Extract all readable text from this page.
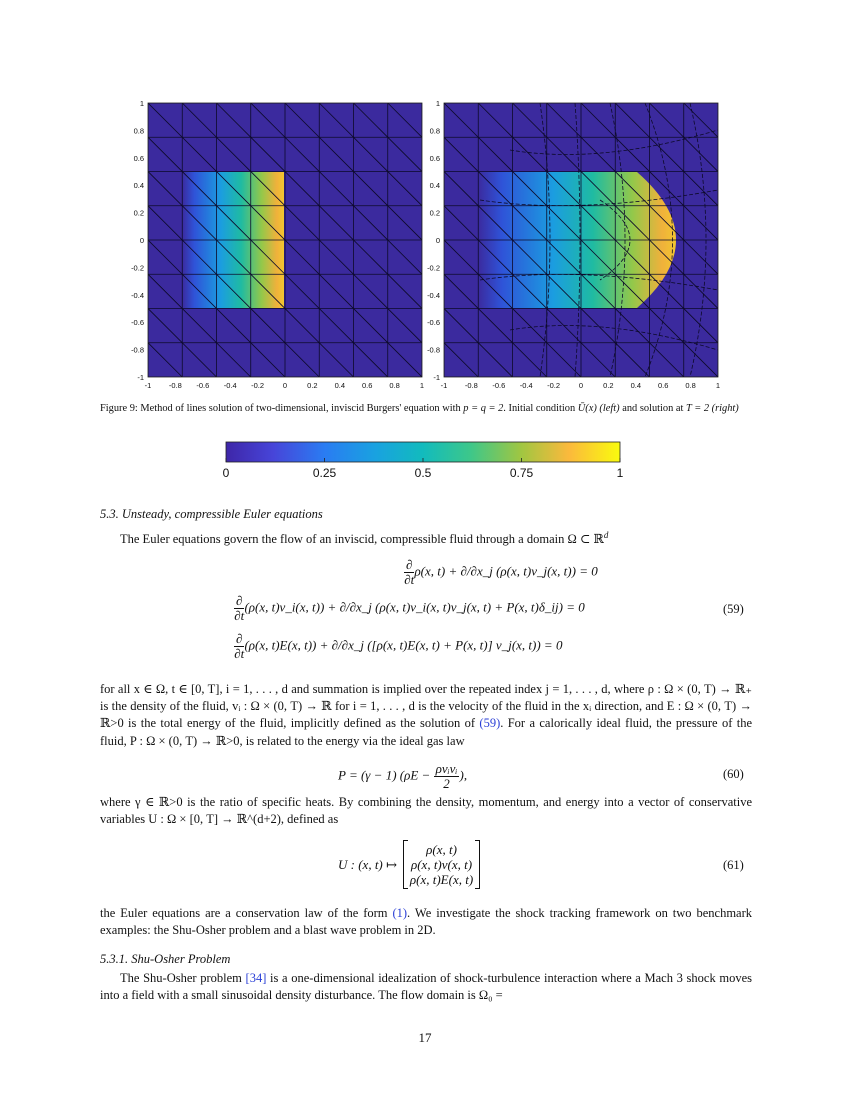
1
0.8
0.6
0.4
0.2
0
-0.2
-0.4
-0.6
-0.8
-1
-1 -0.8 -0.6 -0.4 -0.2	0	0.2 0.4 0.6 0.8	1
1
0.8
0.6
0.4
0.2
0
-0.2
-0.4
-0.6
-0.8
-1
-1 -0.8 -0.6 -0.4 -0.2	0	0.2 0.4 0.6 0.8	1
Figure 9: Method of lines solution of two-dimensional, inviscid Burgers' equation with p = q = 2. Initial condition Ū(x) (left) and solution at T = 2 (right)
0	0.25	0.5	0.75	1
5.3. Unsteady, compressible Euler equations
The Euler equations govern the flow of an inviscid, compressible fluid through a domain Ω ⊂ ℝ$^d$
$\frac{\partial}{\partial t} \rho(x$, t) + ∂/∂x_j (ρ(x, t)v_j(x, t)) = 0
$\frac{\partial}{\partial t} (\rho(x$, t)v_i(x, t)) + ∂/∂x_j (ρ(x, t)v_i(x, t)v_j(x, t) + P(x, t)δ_ij) = 0
$\frac{\partial}{\partial t} (\rho(x$, t)E(x, t)) + ∂/∂x_j ([ρ(x, t)E(x, t) + P(x, t)] v_j(x, t)) = 0
(59)
for all x ∈ Ω, t ∈ [0, T], i = 1, . . . , d and summation is implied over the repeated index j = 1, . . . , d, where ρ : Ω × (0, T) → ℝ₊ is the density of the fluid, vᵢ : Ω × (0, T) → ℝ for i = 1, . . . , d is the velocity of the fluid in the xᵢ direction, and E : Ω × (0, T) → ℝ>0 is the total energy of the fluid, implicitly defined as the solution of (59). For a calorically ideal fluid, the pressure of the fluid, P : Ω × (0, T) → ℝ>0, is related to the energy via the ideal gas law
P = (γ − 1) ($\rho E - \frac{\text{ρvᵢvᵢ}}{2}$ ),	(60)
where γ ∈ ℝ>0 is the ratio of specific heats. By combining the density, momentum, and energy into a vector of conservative variables U : Ω × [0, T] → ℝ^(d+2), defined as
U : (x, t) ↦
ρ(x, t)
ρ(x, t)v(x, t)
ρ(x, t)E(x, t)
(61)
the Euler equations are a conservation law of the form (1). We investigate the shock tracking framework on two benchmark examples: the Shu-Osher problem and a blast wave problem in 2D.
5.3.1. Shu-Osher Problem
The Shu-Osher problem [34] is a one-dimensional idealization of shock-turbulence interaction where a Mach 3 shock moves into a field with a small sinusoidal density disturbance. The flow domain is Ω₀ =
17
